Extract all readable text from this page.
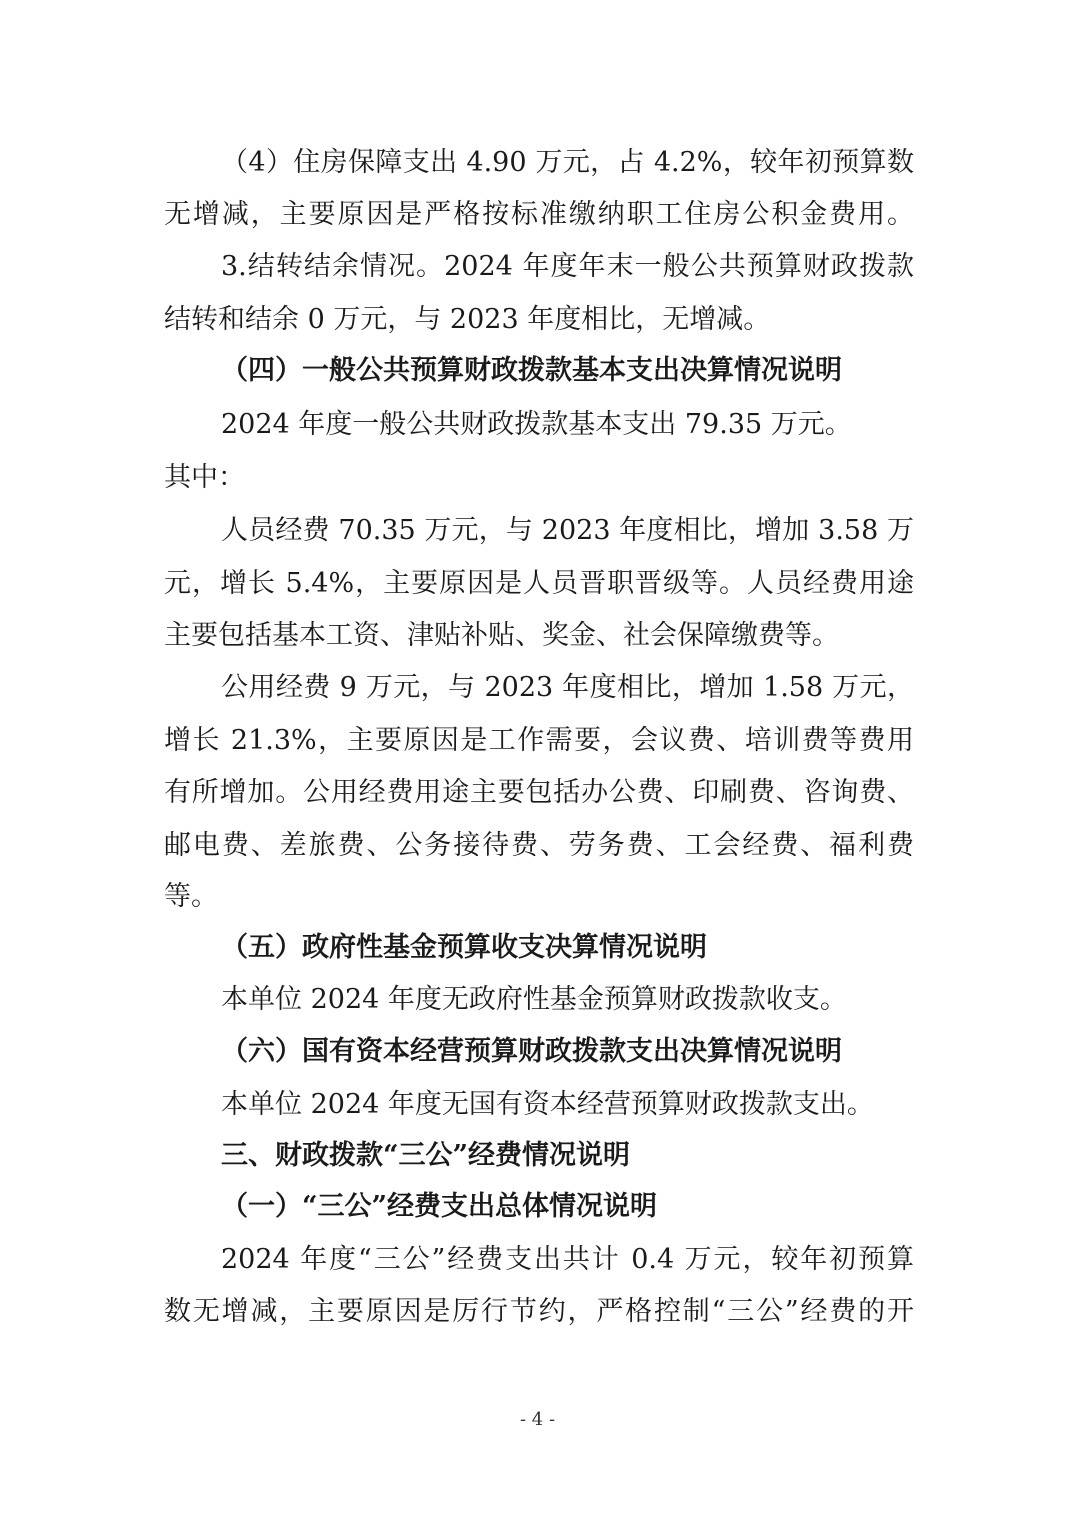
（4）住房保障支出 4.90 万元，占 4.2%，较年初预算数
无增减，主要原因是严格按标准缴纳职工住房公积金费用。
3.结转结余情况。2024 年度年末一般公共预算财政拨款
结转和结余 0 万元，与 2023 年度相比，无增减。
（四）一般公共预算财政拨款基本支出决算情况说明
2024 年度一般公共财政拨款基本支出 79.35 万元。
其中：
人员经费 70.35 万元，与 2023 年度相比，增加 3.58 万
元，增长 5.4%，主要原因是人员晋职晋级等。人员经费用途
主要包括基本工资、津贴补贴、奖金、社会保障缴费等。
公用经费 9 万元，与 2023 年度相比，增加 1.58 万元，
增长 21.3%，主要原因是工作需要，会议费、培训费等费用
有所增加。公用经费用途主要包括办公费、印刷费、咨询费、
邮电费、差旅费、公务接待费、劳务费、工会经费、福利费
等。
（五）政府性基金预算收支决算情况说明
本单位 2024 年度无政府性基金预算财政拨款收支。
（六）国有资本经营预算财政拨款支出决算情况说明
本单位 2024 年度无国有资本经营预算财政拨款支出。
三、财政拨款“三公”经费情况说明
（一）“三公”经费支出总体情况说明
2024 年度“三公”经费支出共计 0.4 万元，较年初预算
数无增减，主要原因是厉行节约，严格控制“三公”经费的开
- 4 -
